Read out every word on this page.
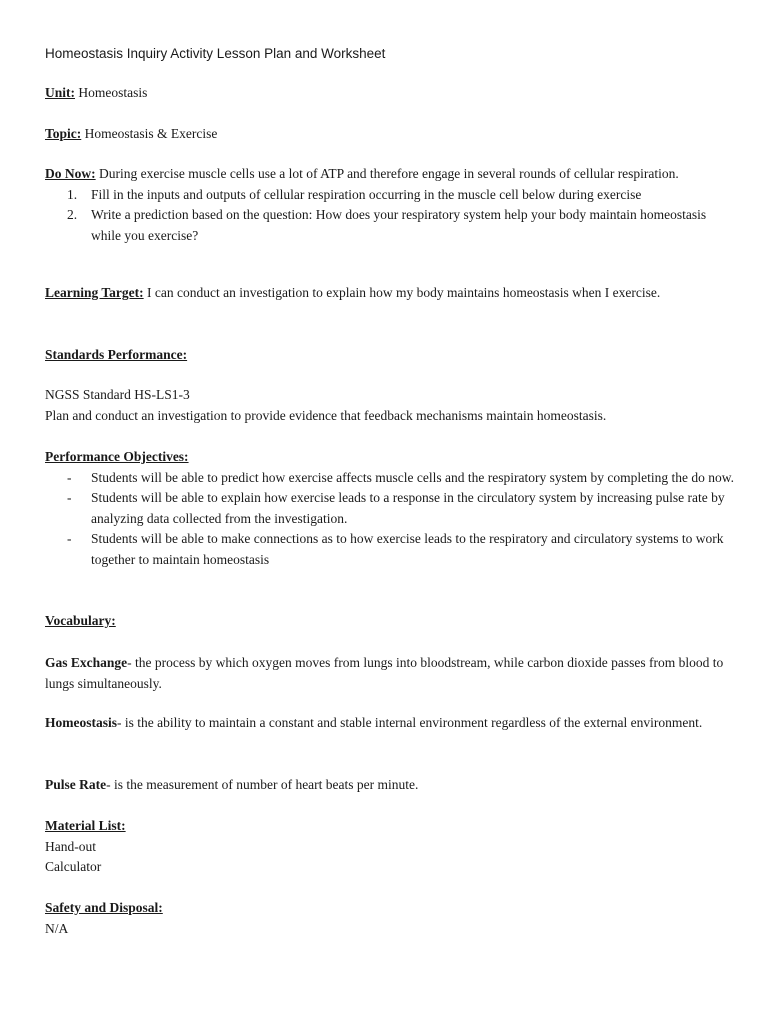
Homeostasis Inquiry Activity Lesson Plan and Worksheet
Unit: Homeostasis
Topic: Homeostasis & Exercise
Do Now: During exercise muscle cells use a lot of ATP and therefore engage in several rounds of cellular respiration.
1. Fill in the inputs and outputs of cellular respiration occurring in the muscle cell below during exercise
2. Write a prediction based on the question: How does your respiratory system help your body maintain homeostasis while you exercise?
Learning Target: I can conduct an investigation to explain how my body maintains homeostasis when I exercise.
Standards Performance:
NGSS Standard HS-LS1-3
Plan and conduct an investigation to provide evidence that feedback mechanisms maintain homeostasis.
Performance Objectives:
- Students will be able to predict how exercise affects muscle cells and the respiratory system by completing the do now.
- Students will be able to explain how exercise leads to a response in the circulatory system by increasing pulse rate by analyzing data collected from the investigation.
- Students will be able to make connections as to how exercise leads to the respiratory and circulatory systems to work together to maintain homeostasis
Vocabulary:
Gas Exchange- the process by which oxygen moves from lungs into bloodstream, while carbon dioxide passes from blood to lungs simultaneously.
Homeostasis- is the ability to maintain a constant and stable internal environment regardless of the external environment.
Pulse Rate- is the measurement of number of heart beats per minute.
Material List:
Hand-out
Calculator
Safety and Disposal:
N/A
